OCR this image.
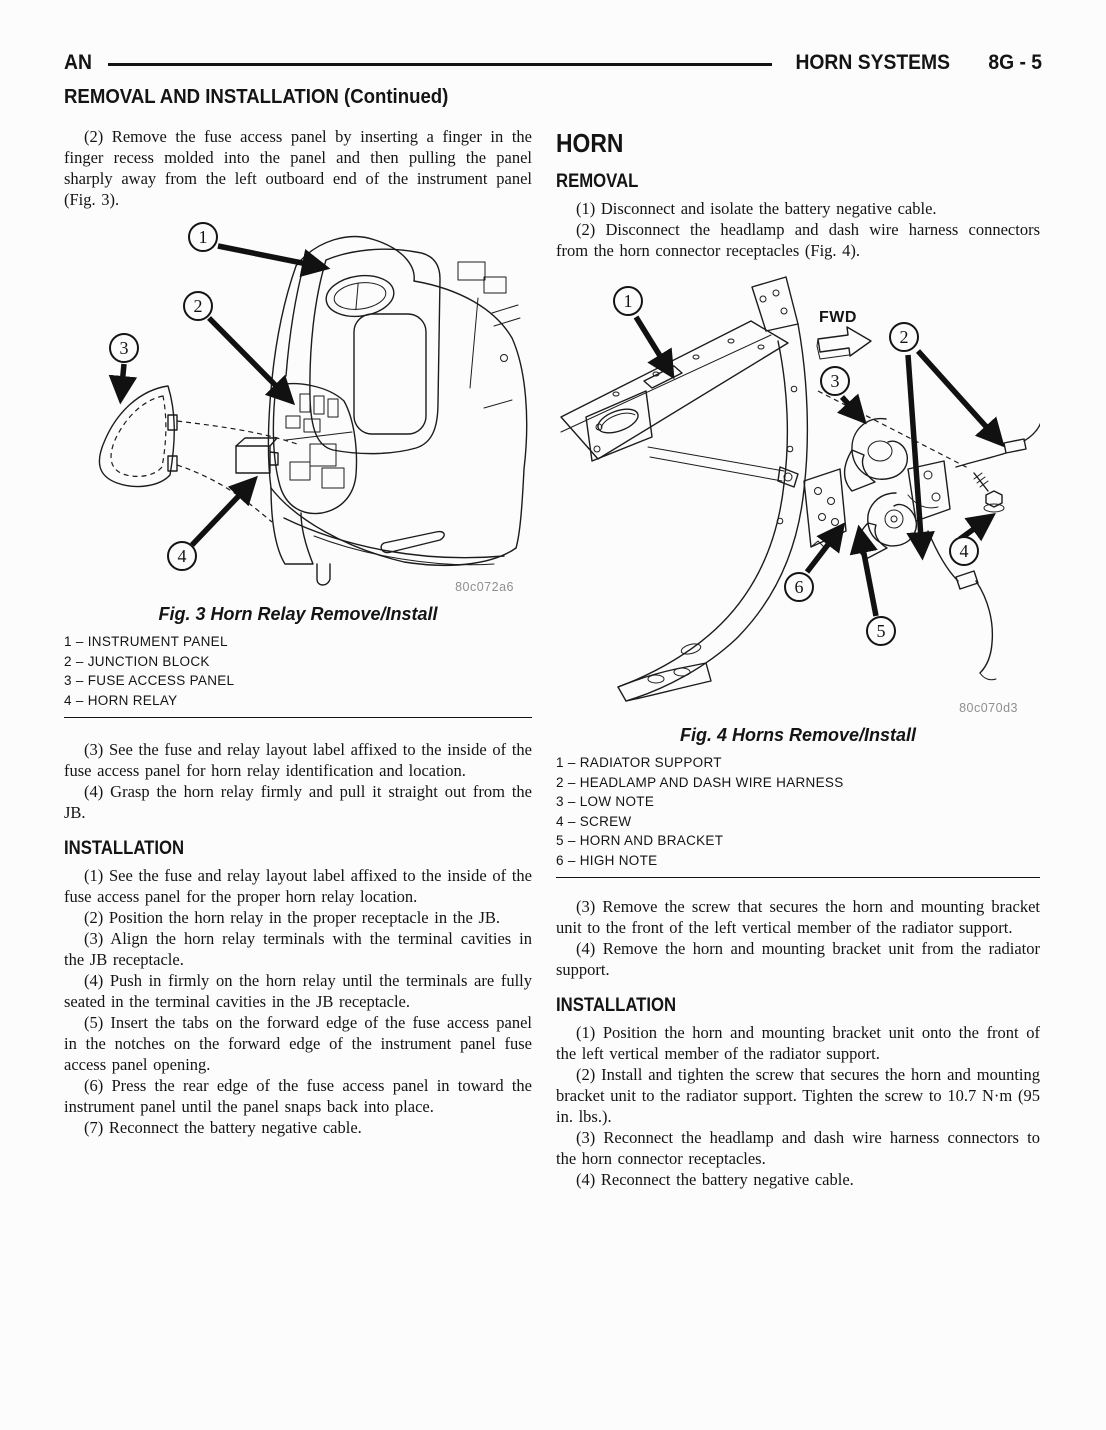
AN	HORN SYSTEMS 8G - 5
REMOVAL AND INSTALLATION (Continued)

(2) Remove the fuse access panel by inserting a finger in the finger recess molded into the panel and then pulling the panel sharply away from the left outboard end of the instrument panel (Fig. 3).

1
2
3
4
80c072a6
Fig. 3 Horn Relay Remove/Install
1 – INSTRUMENT PANEL
2 – JUNCTION BLOCK
3 – FUSE ACCESS PANEL
4 – HORN RELAY

(3) See the fuse and relay layout label affixed to the inside of the fuse access panel for horn relay identification and location.

(4) Grasp the horn relay firmly and pull it straight out from the JB.

INSTALLATION

(1) See the fuse and relay layout label affixed to the inside of the fuse access panel for the proper horn relay location.

(2) Position the horn relay in the proper receptacle in the JB.

(3) Align the horn relay terminals with the terminal cavities in the JB receptacle.

(4) Push in firmly on the horn relay until the terminals are fully seated in the terminal cavities in the JB receptacle.

(5) Insert the tabs on the forward edge of the fuse access panel in the notches on the forward edge of the instrument panel fuse access panel opening.

(6) Press the rear edge of the fuse access panel in toward the instrument panel until the panel snaps back into place.

(7) Reconnect the battery negative cable.

HORN
REMOVAL

(1) Disconnect and isolate the battery negative cable.

(2) Disconnect the headlamp and dash wire harness connectors from the horn connector receptacles (Fig. 4).

FWD
1
2
3
4
5
6
80c070d3
Fig. 4 Horns Remove/Install
1 – RADIATOR SUPPORT
2 – HEADLAMP AND DASH WIRE HARNESS
3 – LOW NOTE
4 – SCREW
5 – HORN AND BRACKET
6 – HIGH NOTE

(3) Remove the screw that secures the horn and mounting bracket unit to the front of the left vertical member of the radiator support.

(4) Remove the horn and mounting bracket unit from the radiator support.

INSTALLATION

(1) Position the horn and mounting bracket unit onto the front of the left vertical member of the radiator support.

(2) Install and tighten the screw that secures the horn and mounting bracket unit to the radiator support. Tighten the screw to 10.7 N·m (95 in. lbs.).

(3) Reconnect the headlamp and dash wire harness connectors to the horn connector receptacles.

(4) Reconnect the battery negative cable.
